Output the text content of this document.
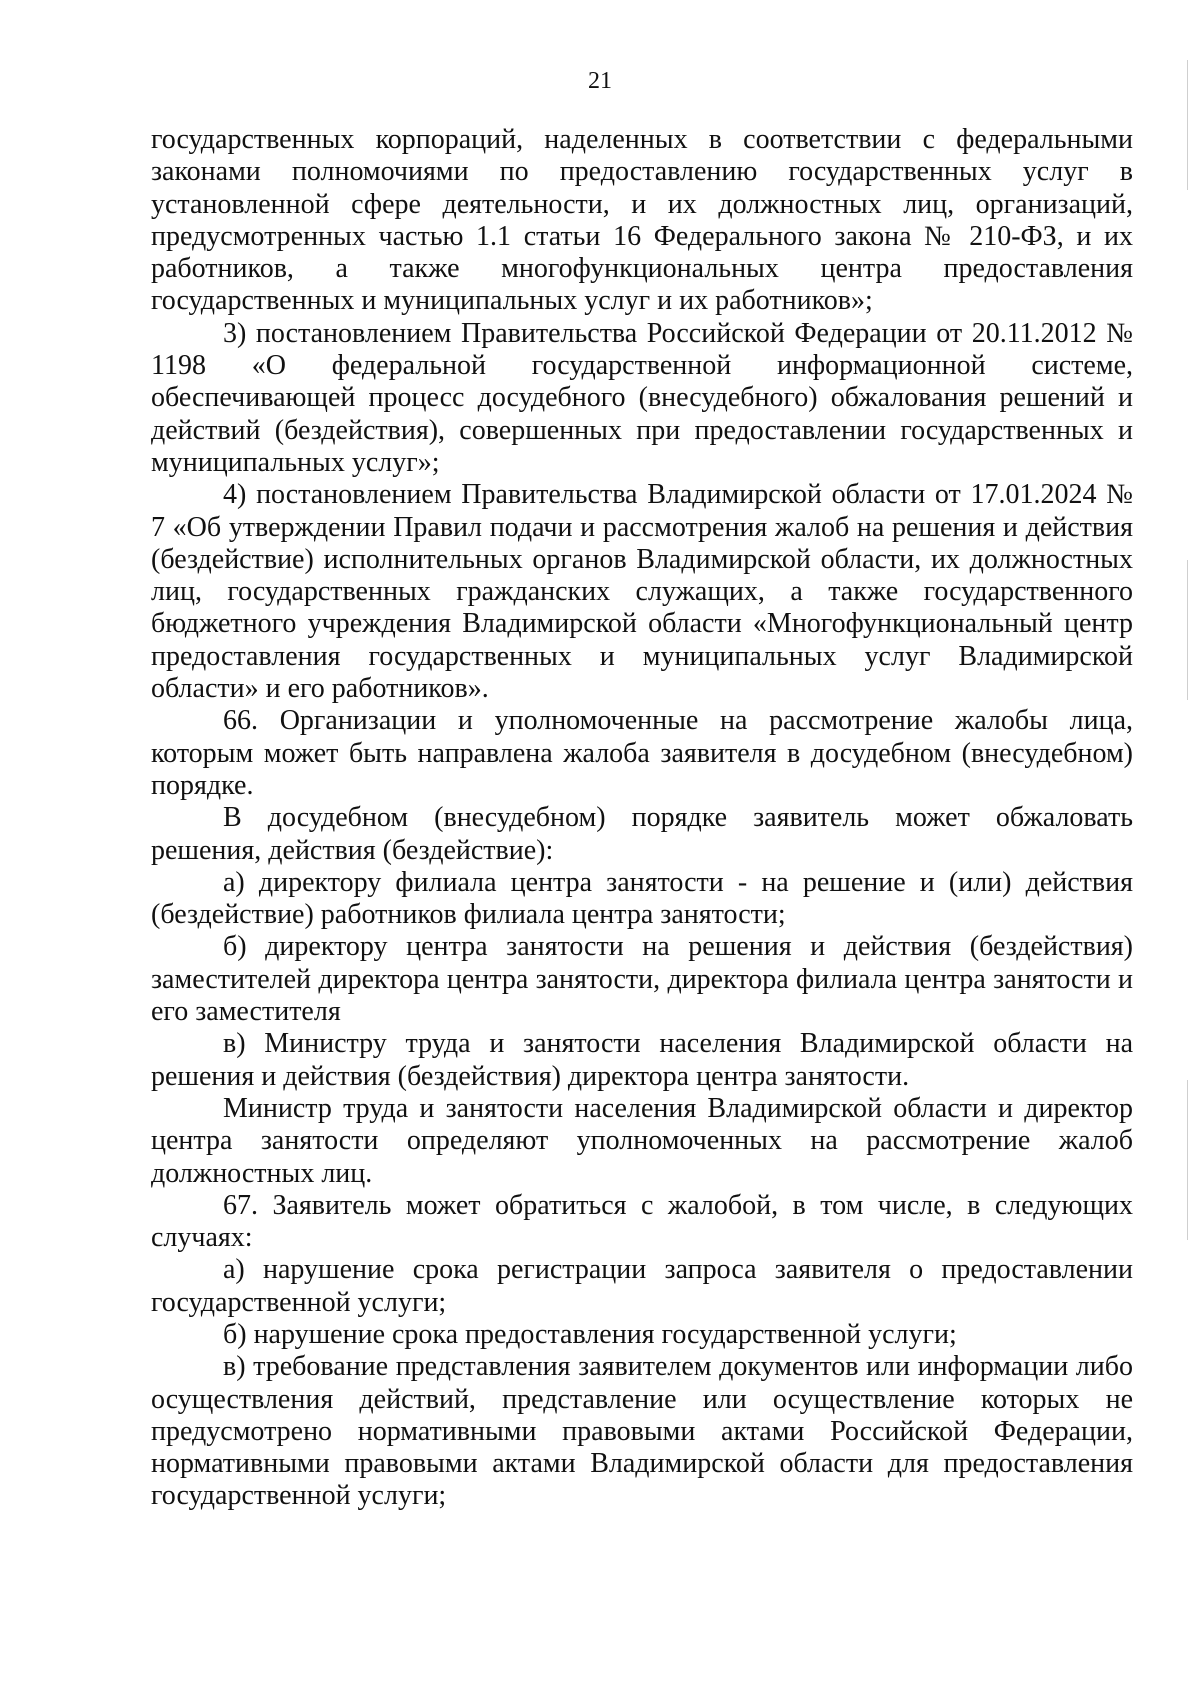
21

государственных корпораций, наделенных в соответствии с федеральными законами полномочиями по предоставлению государственных услуг в установленной сфере деятельности, и их должностных лиц, организаций, предусмотренных частью 1.1 статьи 16 Федерального закона № 210-ФЗ, и их работников, а также многофункциональных центра предоставления государственных и муниципальных услуг и их работников»;

3) постановлением Правительства Российской Федерации от 20.11.2012 № 1198 «О федеральной государственной информационной системе, обеспечивающей процесс досудебного (внесудебного) обжалования решений и действий (бездействия), совершенных при предоставлении государственных и муниципальных услуг»;

4) постановлением Правительства Владимирской области от 17.01.2024 № 7 «Об утверждении Правил подачи и рассмотрения жалоб на решения и действия (бездействие) исполнительных органов Владимирской области, их должностных лиц, государственных гражданских служащих, а также государственного бюджетного учреждения Владимирской области «Многофункциональный центр предоставления государственных и муниципальных услуг Владимирской области» и его работников».

66. Организации и уполномоченные на рассмотрение жалобы лица, которым может быть направлена жалоба заявителя в досудебном (внесудебном) порядке.

В досудебном (внесудебном) порядке заявитель может обжаловать решения, действия (бездействие):

а) директору филиала центра занятости - на решение и (или) действия (бездействие) работников филиала центра занятости;

б) директору центра занятости на решения и действия (бездействия) заместителей директора центра занятости, директора филиала центра занятости и его заместителя

в) Министру труда и занятости населения Владимирской области на решения и действия (бездействия) директора центра занятости.

Министр труда и занятости населения Владимирской области и директор центра занятости определяют уполномоченных на рассмотрение жалоб должностных лиц.

67. Заявитель может обратиться с жалобой, в том числе, в следующих случаях:

а) нарушение срока регистрации запроса заявителя о предоставлении государственной услуги;

б) нарушение срока предоставления государственной услуги;

в) требование представления заявителем документов или информации либо осуществления действий, представление или осуществление которых не предусмотрено нормативными правовыми актами Российской Федерации, нормативными правовыми актами Владимирской области для предоставления государственной услуги;
